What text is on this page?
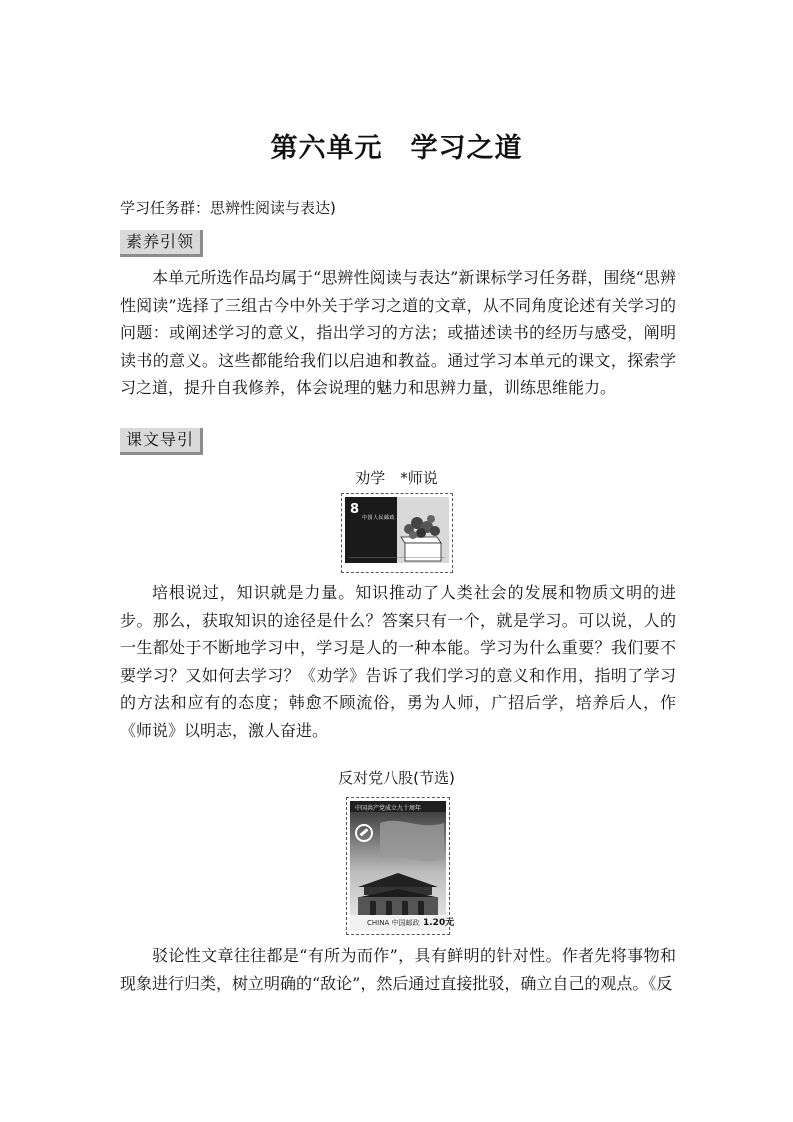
第六单元　学习之道
学习任务群：思辨性阅读与表达)
素养引领

本单元所选作品均属于“思辨性阅读与表达”新课标学习任务群，围绕“思辨性阅读”选择了三组古今中外关于学习之道的文章，从不同角度论述有关学习的问题：或阐述学习的意义，指出学习的方法；或描述读书的经历与感受，阐明读书的意义。这些都能给我们以启迪和教益。通过学习本单元的课文，探索学习之道，提升自我修养，体会说理的魅力和思辨力量，训练思维能力。

课文导引
劝学　*师说
8
中国人民邮政

培根说过，知识就是力量。知识推动了人类社会的发展和物质文明的进步。那么，获取知识的途径是什么？答案只有一个，就是学习。可以说，人的一生都处于不断地学习中，学习是人的一种本能。学习为什么重要？我们要不要学习？又如何去学习？《劝学》告诉了我们学习的意义和作用，指明了学习的方法和应有的态度；韩愈不顾流俗，勇为人师，广招后学，培养后人，作《师说》以明志，激人奋进。

反对党八股(节选)
中国共产党成立九十周年
CHINA 中国邮政 1.20元

驳论性文章往往都是“有所为而作”，具有鲜明的针对性。作者先将事物和现象进行归类，树立明确的“敌论”，然后通过直接批驳，确立自己的观点。《反
